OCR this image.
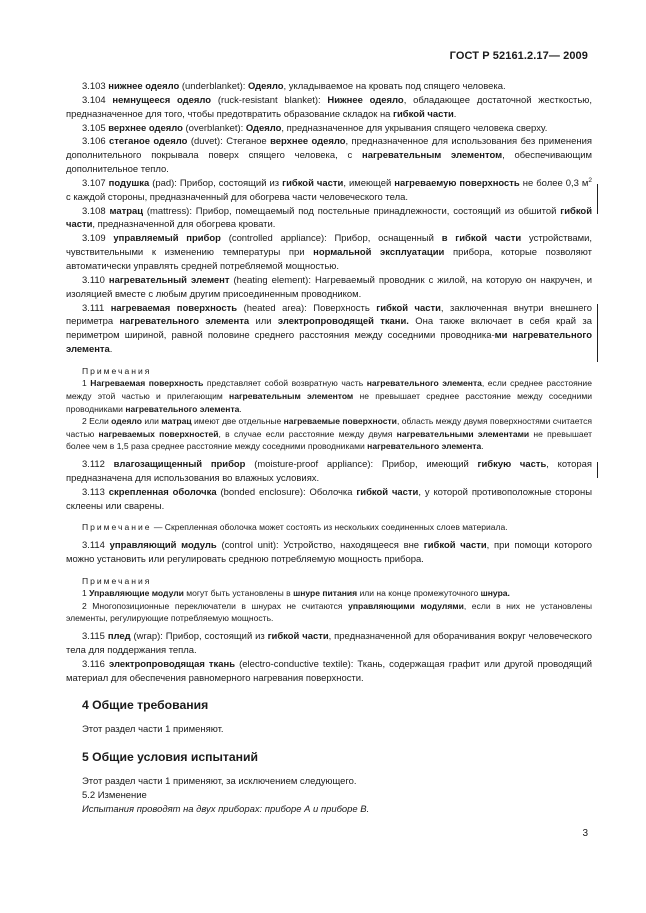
ГОСТ Р 52161.2.17— 2009

3.103 нижнее одеяло (underblanket): Одеяло, укладываемое на кровать под спящего человека.

3.104 немнущееся одеяло (ruck-resistant blanket): Нижнее одеяло, обладающее достаточной жесткостью, предназначенное для того, чтобы предотвратить образование складок на гибкой части.

3.105 верхнее одеяло (overblanket): Одеяло, предназначенное для укрывания спящего человека сверху.

3.106 стеганое одеяло (duvet): Стеганое верхнее одеяло, предназначенное для использования без применения дополнительного покрывала поверх спящего человека, с нагревательным элементом, обеспечивающим дополнительное тепло.

3.107 подушка (pad): Прибор, состоящий из гибкой части, имеющей нагреваемую поверхность не более 0,3 $м^2$ с каждой стороны, предназначенный для обогрева части человеческого тела.

3.108 матрац (mattress): Прибор, помещаемый под постельные принадлежности, состоящий из обшитой гибкой части, предназначенной для обогрева кровати.

3.109 управляемый прибор (controlled appliance): Прибор, оснащенный в гибкой части устройствами, чувствительными к изменению температуры при нормальной эксплуатации прибора, которые позволяют автоматически управлять средней потребляемой мощностью.

3.110 нагревательный элемент (heating element): Нагреваемый проводник с жилой, на которую он накручен, и изоляцией вместе с любым другим присоединенным проводником.

3.111 нагреваемая поверхность (heated area): Поверхность гибкой части, заключенная внутри внешнего периметра нагревательного элемента или электропроводящей ткани. Она также включает в себя край за периметром шириной, равной половине среднего расстояния между соседними проводника-ми нагревательного элемента.

Примечания

1 Нагреваемая поверхность представляет собой возвратную часть нагревательного элемента, если среднее расстояние между этой частью и прилегающим нагревательным элементом не превышает среднее расстояние между соседними проводниками нагревательного элемента.

2 Если одеяло или матрац имеют две отдельные нагреваемые поверхности, область между двумя поверхностями считается частью нагреваемых поверхностей, в случае если расстояние между двумя нагревательными элементами не превышает более чем в 1,5 раза среднее расстояние между соседними проводниками нагревательного элемента.

3.112 влагозащищенный прибор (moisture-proof appliance): Прибор, имеющий гибкую часть, которая предназначена для использования во влажных условиях.

3.113 скрепленная оболочка (bonded enclosure): Оболочка гибкой части, у которой противоположные стороны склеены или сварены.

Примечание — Скрепленная оболочка может состоять из нескольких соединенных слоев материала.

3.114 управляющий модуль (control unit): Устройство, находящееся вне гибкой части, при помощи которого можно установить или регулировать среднюю потребляемую мощность прибора.

Примечания

1 Управляющие модули могут быть установлены в шнуре питания или на конце промежуточного шнура.

2 Многопозиционные переключатели в шнурах не считаются управляющими модулями, если в них не установлены элементы, регулирующие потребляемую мощность.

3.115 плед (wrap): Прибор, состоящий из гибкой части, предназначенной для оборачивания вокруг человеческого тела для поддержания тепла.

3.116 электропроводящая ткань (electro-conductive textile): Ткань, содержащая графит или другой проводящий материал для обеспечения равномерного нагревания поверхности.

4 Общие требования

Этот раздел части 1 применяют.

5 Общие условия испытаний

Этот раздел части 1 применяют, за исключением следующего.

5.2 Изменение

Испытания проводят на двух приборах: приборе А и приборе В.

3
